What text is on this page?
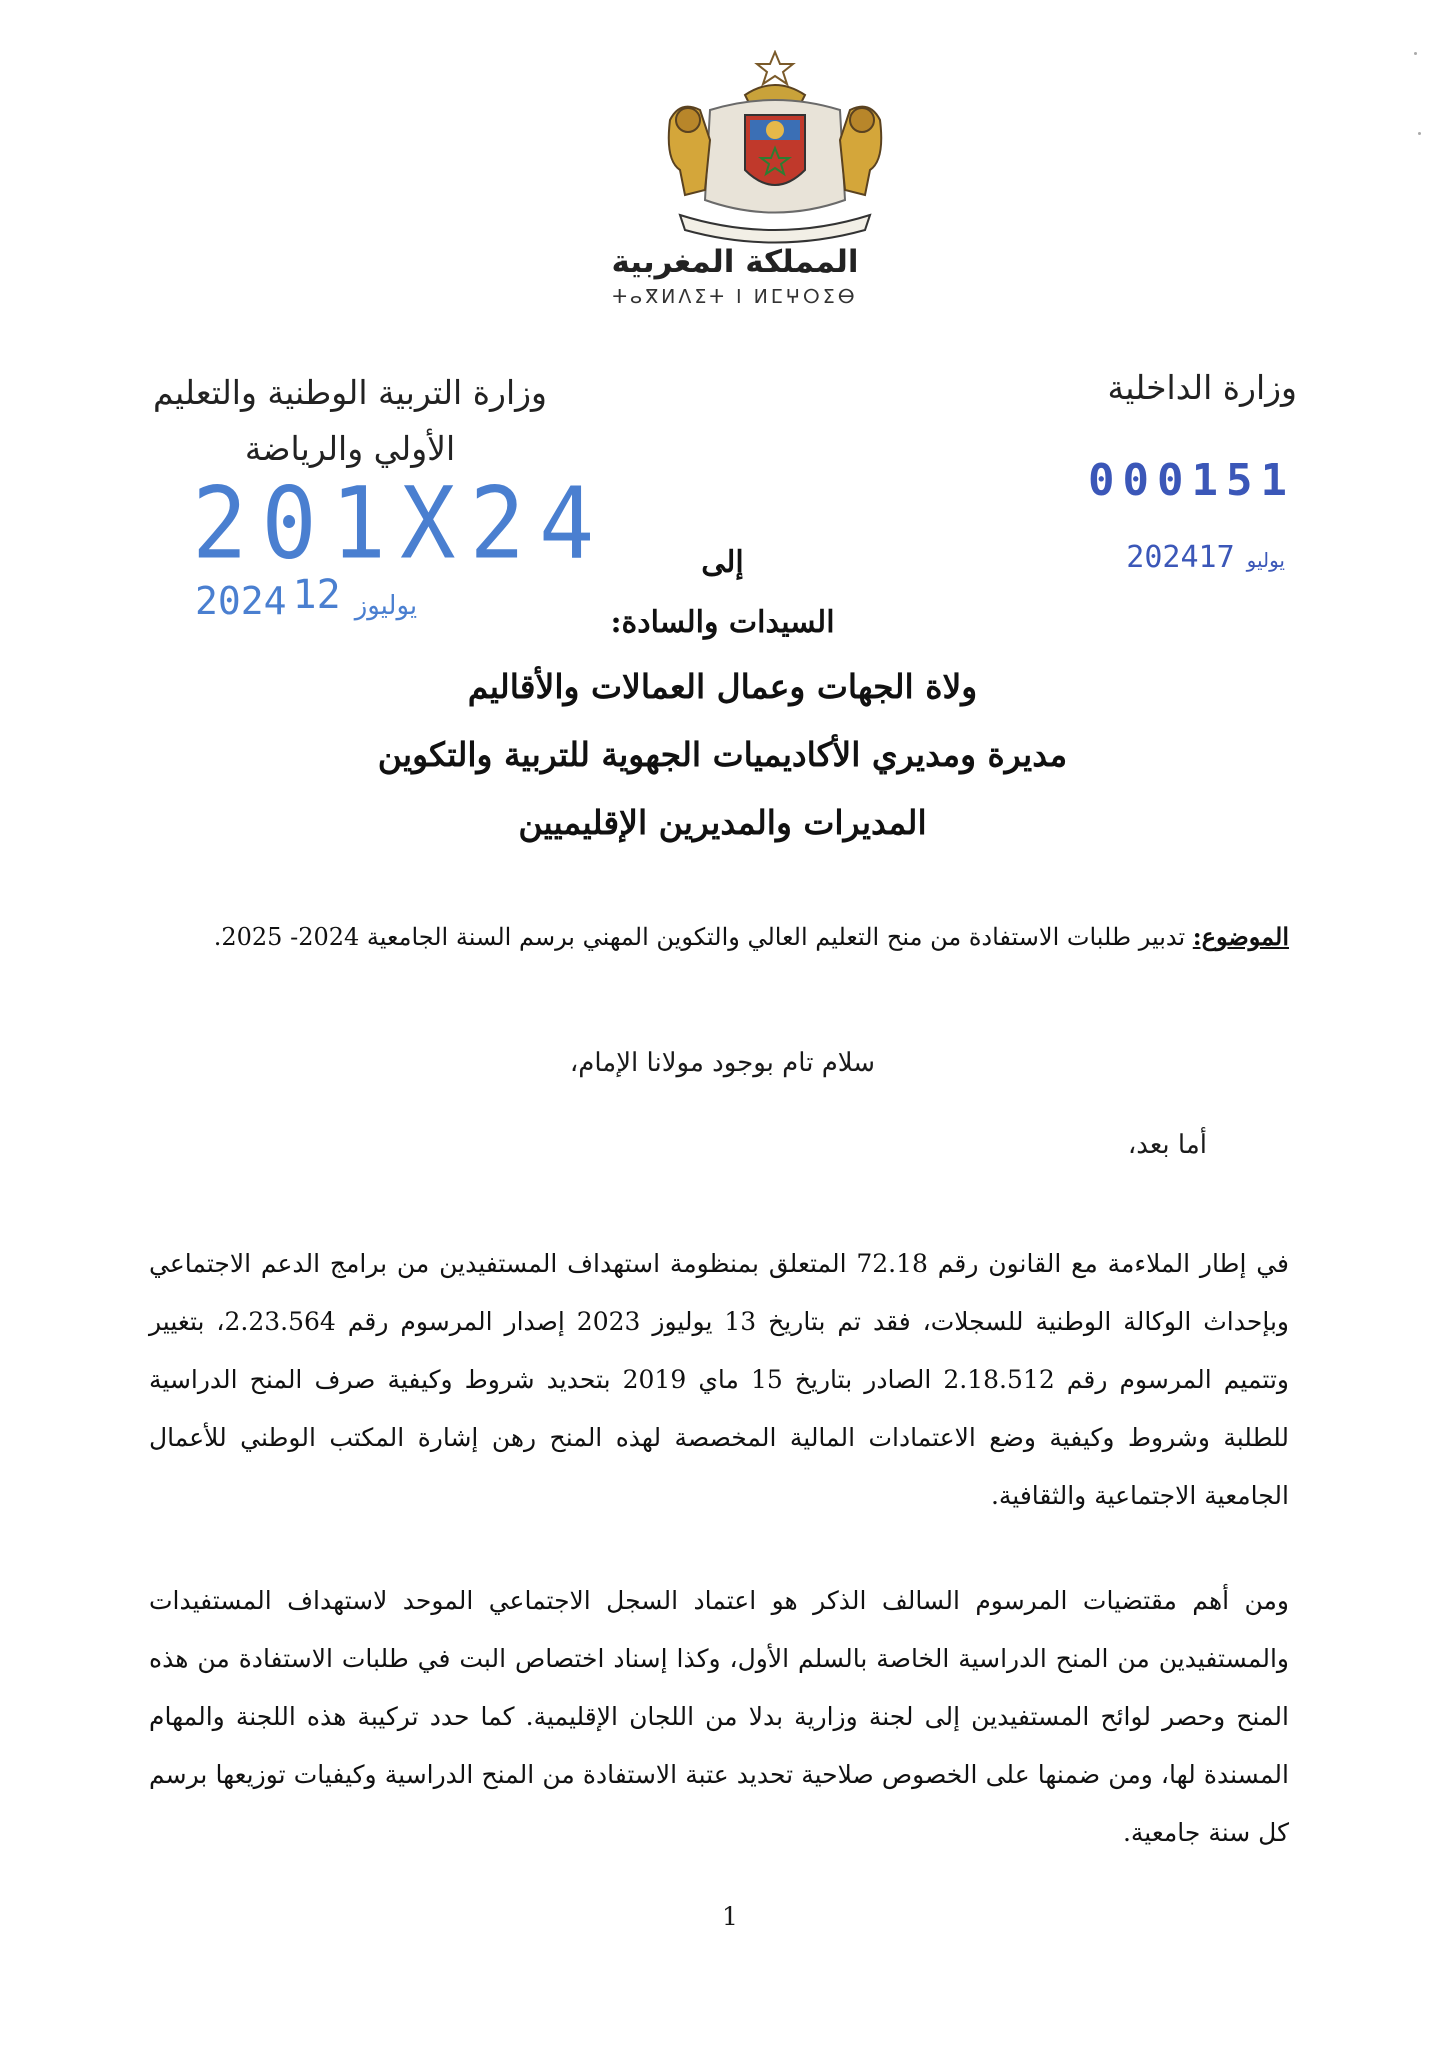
المملكة المغربية
ⵜⴰⴳⵍⴷⵉⵜ ⵏ ⵍⵎⵖⵔⵉⴱ
وزارة التربية الوطنية والتعليم
الأولي والرياضة
وزارة الداخلية
201X24
2024	يوليوز12
000151
2024 يوليو17
إلى
السيدات والسادة:
ولاة الجهات وعمال العمالات والأقاليم
مديرة ومديري الأكاديميات الجهوية للتربية والتكوين
المديرات والمديرين الإقليميين
الموضوع: تدبير طلبات الاستفادة من منح التعليم العالي والتكوين المهني برسم السنة الجامعية 2024- 2025.
سلام تام بوجود مولانا الإمام،
أما بعد،
في إطار الملاءمة مع القانون رقم 72.18 المتعلق بمنظومة استهداف المستفيدين من برامج الدعم الاجتماعي وبإحداث الوكالة الوطنية للسجلات، فقد تم بتاريخ 13 يوليوز 2023 إصدار المرسوم رقم 2.23.564، بتغيير وتتميم المرسوم رقم 2.18.512 الصادر بتاريخ 15 ماي 2019 بتحديد شروط وكيفية صرف المنح الدراسية للطلبة وشروط وكيفية وضع الاعتمادات المالية المخصصة لهذه المنح رهن إشارة المكتب الوطني للأعمال الجامعية الاجتماعية والثقافية.
ومن أهم مقتضيات المرسوم السالف الذكر هو اعتماد السجل الاجتماعي الموحد لاستهداف المستفيدات والمستفيدين من المنح الدراسية الخاصة بالسلم الأول، وكذا إسناد اختصاص البت في طلبات الاستفادة من هذه المنح وحصر لوائح المستفيدين إلى لجنة وزارية بدلا من اللجان الإقليمية. كما حدد تركيبة هذه اللجنة والمهام المسندة لها، ومن ضمنها على الخصوص صلاحية تحديد عتبة الاستفادة من المنح الدراسية وكيفيات توزيعها برسم كل سنة جامعية.
1
